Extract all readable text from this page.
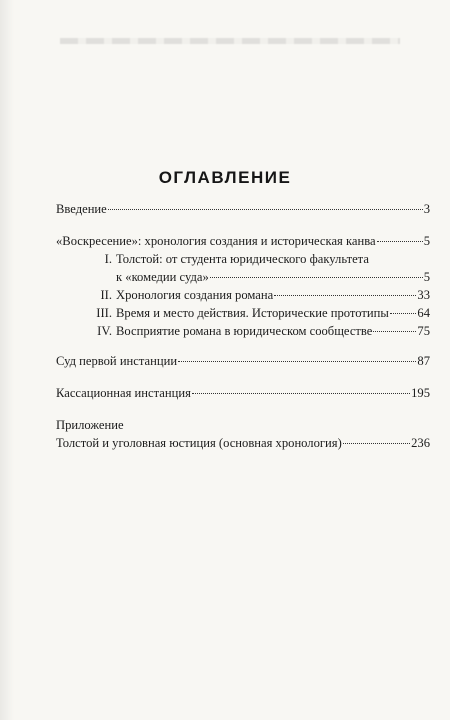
ОГЛАВЛЕНИЕ
Введение	3
«Воскресение»: хронология создания и историческая канва	5
I. Толстой: от студента юридического факультета
к «комедии суда»	5
II. Хронология создания романа	33
III. Время и место действия. Исторические прототипы 64
IV. Восприятие романа в юридическом сообществе	75
Суд первой инстанции	87
Кассационная инстанция	195
Приложение
Толстой и уголовная юстиция (основная хронология)	236
